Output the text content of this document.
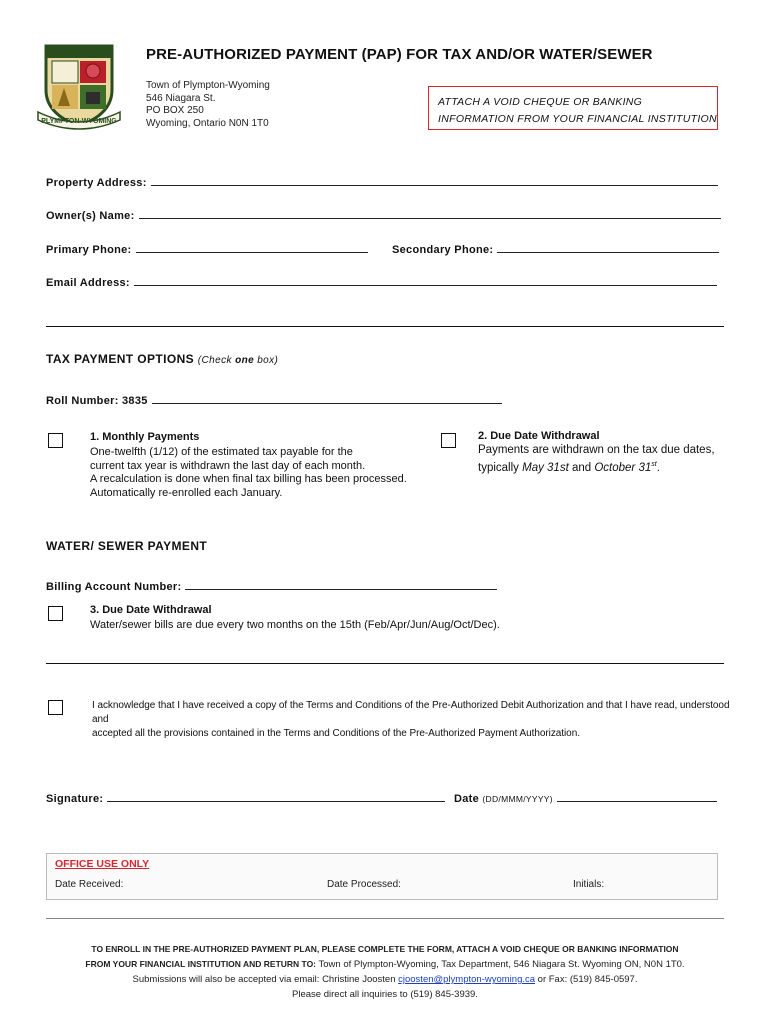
PLYMPTON-WYOMING
PRE-AUTHORIZED PAYMENT (PAP) FOR TAX AND/OR WATER/SEWER
Town of Plympton-Wyoming
546 Niagara St.
PO BOX 250
Wyoming, Ontario N0N 1T0
ATTACH A VOID CHEQUE OR BANKING
INFORMATION FROM YOUR FINANCIAL INSTITUTION
Property Address:
Owner(s) Name:
Primary Phone:	Secondary Phone:
Email Address:
TAX PAYMENT OPTIONS (Check one box)
Roll Number: 3835
1. Monthly Payments
One-twelfth (1/12) of the estimated tax payable for the
current tax year is withdrawn the last day of each month.
A recalculation is done when final tax billing has been processed.
Automatically re-enrolled each January.
2. Due Date Withdrawal
Payments are withdrawn on the tax due dates,
typically May 31st and October 31st.
WATER/ SEWER PAYMENT
Billing Account Number:
3. Due Date Withdrawal
Water/sewer bills are due every two months on the 15th (Feb/Apr/Jun/Aug/Oct/Dec).
I acknowledge that I have received a copy of the Terms and Conditions of the Pre-Authorized Debit Authorization and that I have read, understood and
accepted all the provisions contained in the Terms and Conditions of the Pre-Authorized Payment Authorization.
Signature:	Date (DD/MMM/YYYY)
OFFICE USE ONLY
Date Received:	Date Processed:	Initials:
TO ENROLL IN THE PRE-AUTHORIZED PAYMENT PLAN, PLEASE COMPLETE THE FORM, ATTACH A VOID CHEQUE OR BANKING INFORMATION
FROM YOUR FINANCIAL INSTITUTION AND RETURN TO: Town of Plympton-Wyoming, Tax Department, 546 Niagara St. Wyoming ON, N0N 1T0.
Submissions will also be accepted via email: Christine Joosten cjoosten@plympton-wyoming.ca or Fax: (519) 845-0597.
Please direct all inquiries to (519) 845-3939.
